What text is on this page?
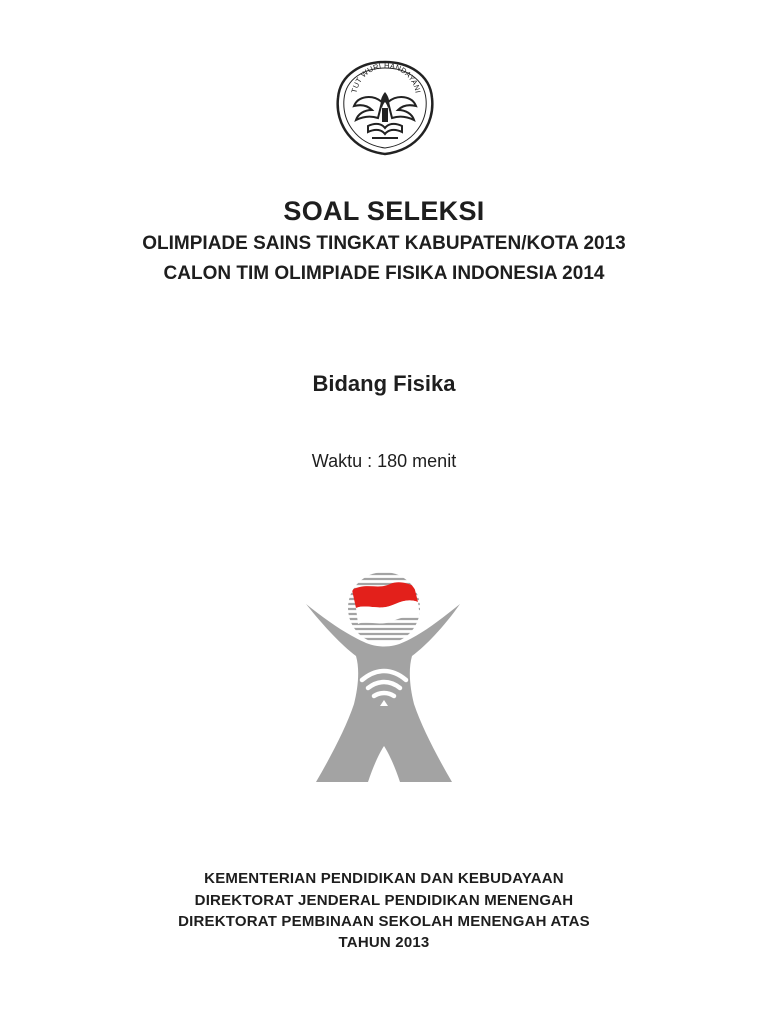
TUT WURI HANDAYANI
SOAL SELEKSI
OLIMPIADE SAINS TINGKAT KABUPATEN/KOTA 2013
CALON TIM OLIMPIADE FISIKA INDONESIA 2014
Bidang Fisika
Waktu : 180 menit
KEMENTERIAN PENDIDIKAN DAN KEBUDAYAAN
DIREKTORAT JENDERAL PENDIDIKAN MENENGAH
DIREKTORAT PEMBINAAN SEKOLAH MENENGAH ATAS
TAHUN 2013
